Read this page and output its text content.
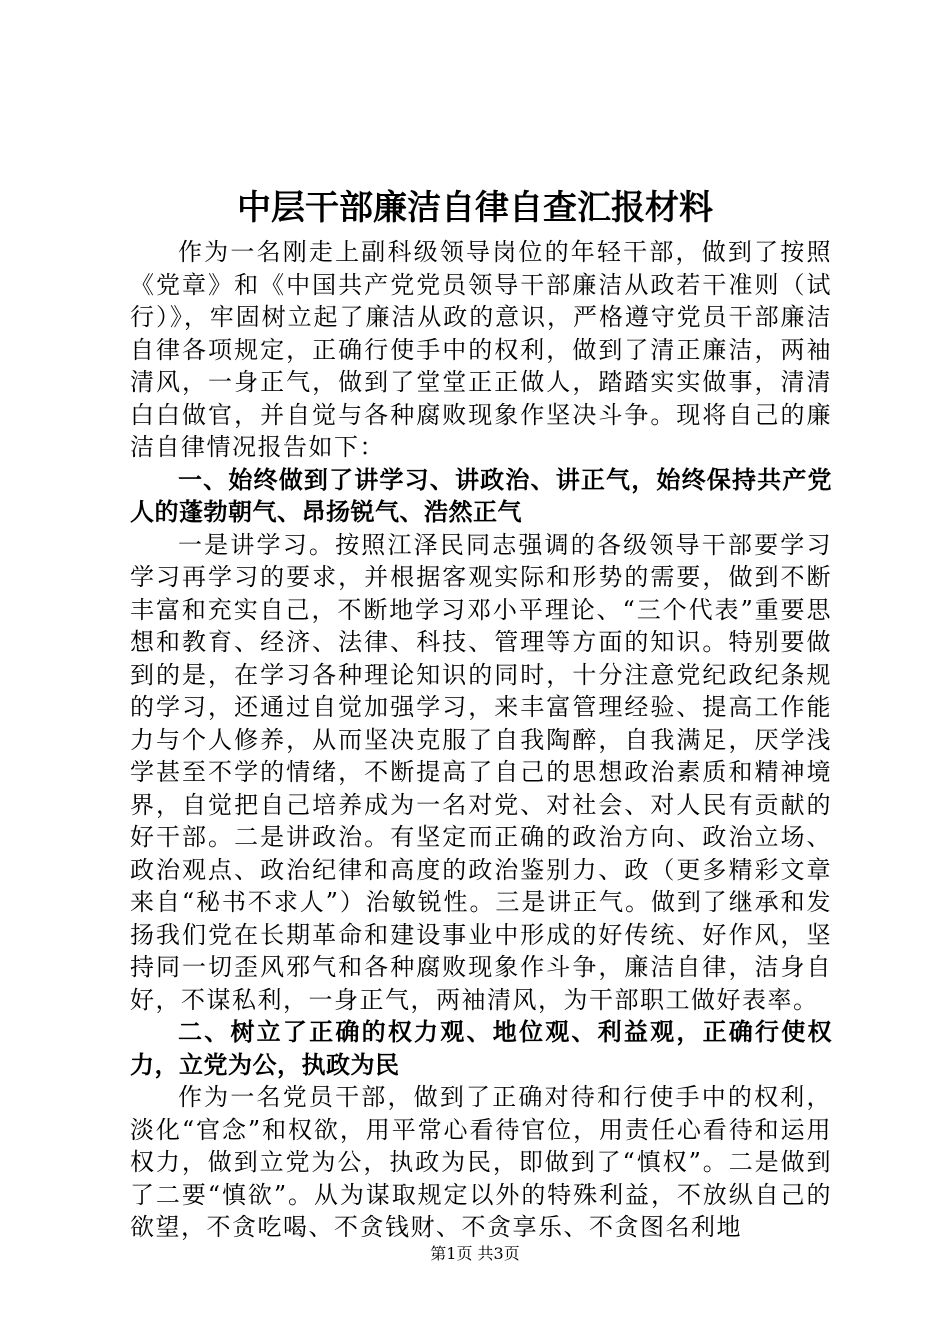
中层干部廉洁自律自查汇报材料

作为一名刚走上副科级领导岗位的年轻干部，做到了按照《党章》和《中国共产党党员领导干部廉洁从政若干准则（试行）》，牢固树立起了廉洁从政的意识，严格遵守党员干部廉洁自律各项规定，正确行使手中的权利，做到了清正廉洁，两袖清风，一身正气，做到了堂堂正正做人，踏踏实实做事，清清白白做官，并自觉与各种腐败现象作坚决斗争。现将自己的廉洁自律情况报告如下：

一、始终做到了讲学习、讲政治、讲正气，始终保持共产党人的蓬勃朝气、昂扬锐气、浩然正气

一是讲学习。按照江泽民同志强调的各级领导干部要学习学习再学习的要求，并根据客观实际和形势的需要，做到不断丰富和充实自己，不断地学习邓小平理论、“三个代表”重要思想和教育、经济、法律、科技、管理等方面的知识。特别要做到的是，在学习各种理论知识的同时，十分注意党纪政纪条规的学习，还通过自觉加强学习，来丰富管理经验、提高工作能力与个人修养，从而坚决克服了自我陶醉，自我满足，厌学浅学甚至不学的情绪，不断提高了自己的思想政治素质和精神境界，自觉把自己培养成为一名对党、对社会、对人民有贡献的好干部。二是讲政治。有坚定而正确的政治方向、政治立场、政治观点、政治纪律和高度的政治鉴别力、政（更多精彩文章来自“秘书不求人”）治敏锐性。三是讲正气。做到了继承和发扬我们党在长期革命和建设事业中形成的好传统、好作风，坚持同一切歪风邪气和各种腐败现象作斗争，廉洁自律，洁身自好，不谋私利，一身正气，两袖清风，为干部职工做好表率。

二、树立了正确的权力观、地位观、利益观，正确行使权力，立党为公，执政为民

作为一名党员干部，做到了正确对待和行使手中的权利，淡化“官念”和权欲，用平常心看待官位，用责任心看待和运用权力，做到立党为公，执政为民，即做到了“慎权”。二是做到了二要“慎欲”。从为谋取规定以外的特殊利益，不放纵自己的欲望，不贪吃喝、不贪钱财、不贪享乐、不贪图名利地

第1页 共3页
